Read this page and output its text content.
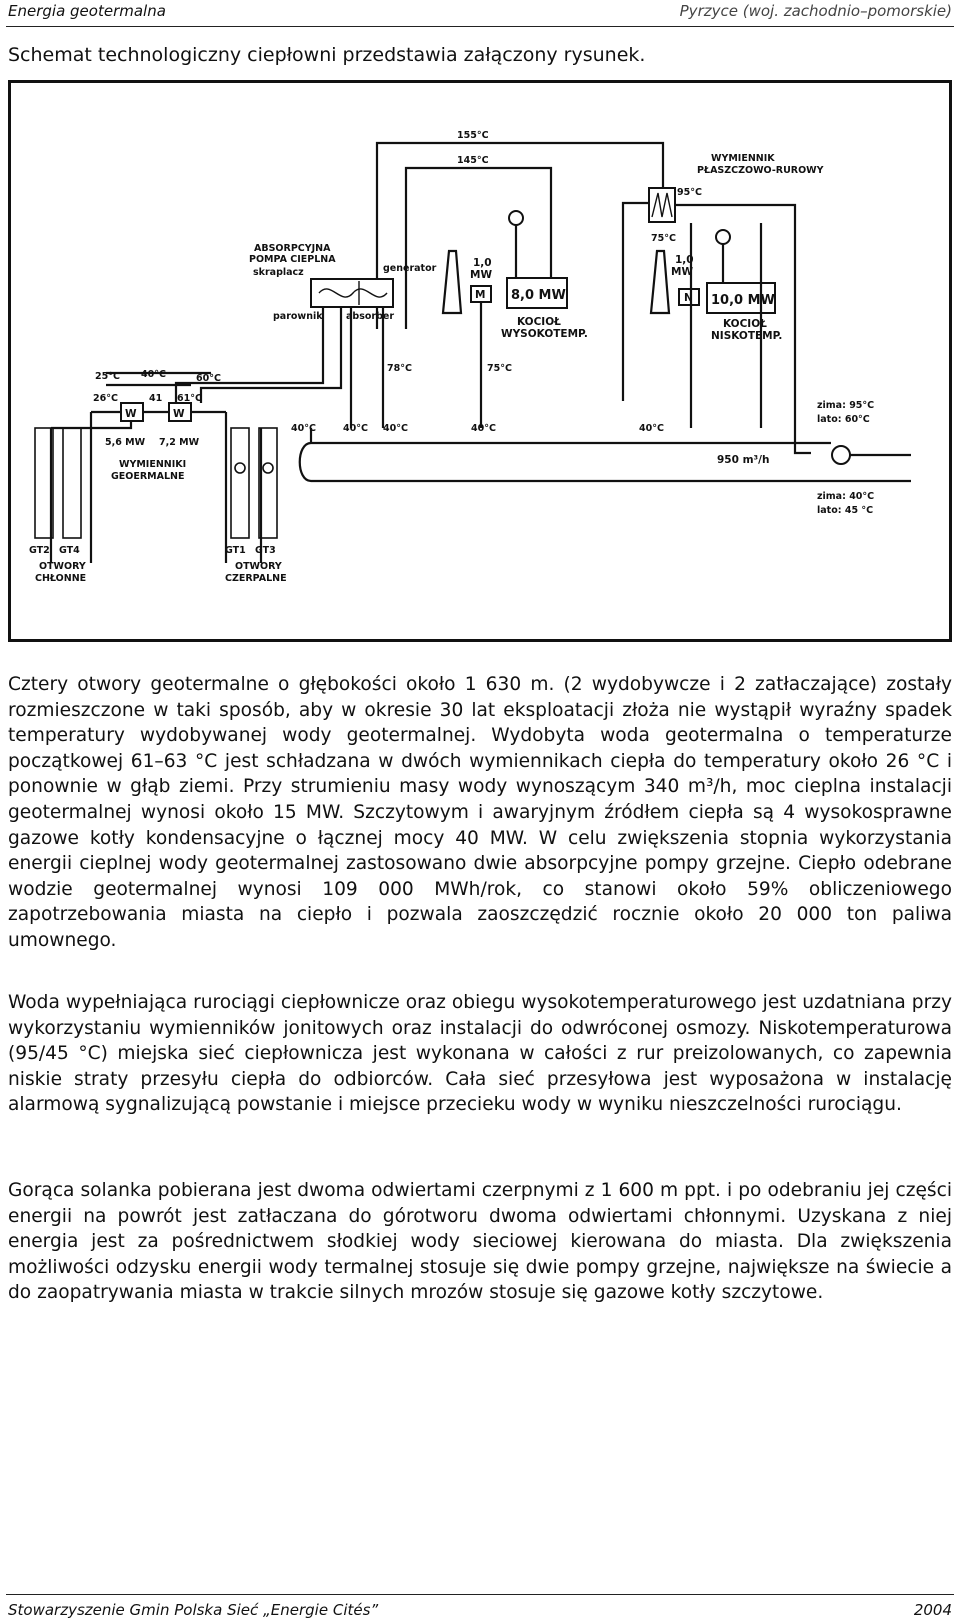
Energia geotermalna	Pyrzyce (woj. zachodnio–pomorskie)
Schemat technologiczny ciepłowni przedstawia załączony rysunek.
8,0 MW
KOCIOŁ
WYSOKOTEMP.
M
1,0
MW
10,0 MW
KOCIOŁ
NISKOTEMP.
N
1,0
MW
ABSORPCYJNA
POMPA CIEPLNA
skraplacz	generator
parownik absorber
W	W
25°C 40°C	60°C
26°C	41 61°C
5,6 MW 7,2 MW
WYMIENNIKI
GEOERMALNE
GT2 GT4
OTWORY
CHŁONNE
GT1 GT3
OTWORY
CZERPALNE
40°C	40°C 40°C	40°C	40°C
950 m³/h
zima: 95°C
lato: 60°C
zima: 40°C
lato: 45 °C
155°C
145°C	WYMIENNIK
PŁASZCZOWO-RUROWY
95°C
75°C
78°C	75°C
Cztery otwory geotermalne o głębokości około 1 630 m. (2 wydobywcze i 2 zatłaczające) zostały rozmieszczone w taki sposób, aby w okresie 30 lat eksploatacji złoża nie wystąpił wyraźny spadek temperatury wydobywanej wody geotermalnej. Wydobyta woda geotermalna o temperaturze początkowej 61–63 °C jest schładzana w dwóch wymiennikach ciepła do temperatury około 26 °C i ponownie w głąb ziemi. Przy strumieniu masy wody wynoszącym 340 m³/h, moc cieplna instalacji geotermalnej wynosi około 15 MW. Szczytowym i awaryjnym źródłem ciepła są 4 wysokosprawne gazowe kotły kondensacyjne o łącznej mocy 40 MW. W celu zwiększenia stopnia wykorzystania energii cieplnej wody geotermalnej zastosowano dwie absorpcyjne pompy grzejne. Ciepło odebrane wodzie geotermalnej wynosi 109 000 MWh/rok, co stanowi około 59% obliczeniowego zapotrzebowania miasta na ciepło i pozwala zaoszczędzić rocznie około 20 000 ton paliwa umownego.
Woda wypełniająca rurociągi ciepłownicze oraz obiegu wysokotemperaturowego jest uzdatniana przy wykorzystaniu wymienników jonitowych oraz instalacji do odwróconej osmozy. Niskotemperaturowa (95/45 °C) miejska sieć ciepłownicza jest wykonana w całości z rur preizolowanych, co zapewnia niskie straty przesyłu ciepła do odbiorców. Cała sieć przesyłowa jest wyposażona w instalację alarmową sygnalizującą powstanie i miejsce przecieku wody w wyniku nieszczelności rurociągu.
Gorąca solanka pobierana jest dwoma odwiertami czerpnymi z 1 600 m ppt. i po odebraniu jej części energii na powrót jest zatłaczana do górotworu dwoma odwiertami chłonnymi. Uzyskana z niej energia jest za pośrednictwem słodkiej wody sieciowej kierowana do miasta. Dla zwiększenia możliwości odzysku energii wody termalnej stosuje się dwie pompy grzejne, największe na świecie a do zaopatrywania miasta w trakcie silnych mrozów stosuje się gazowe kotły szczytowe.
Stowarzyszenie Gmin Polska Sieć „Energie Cités”	2004
